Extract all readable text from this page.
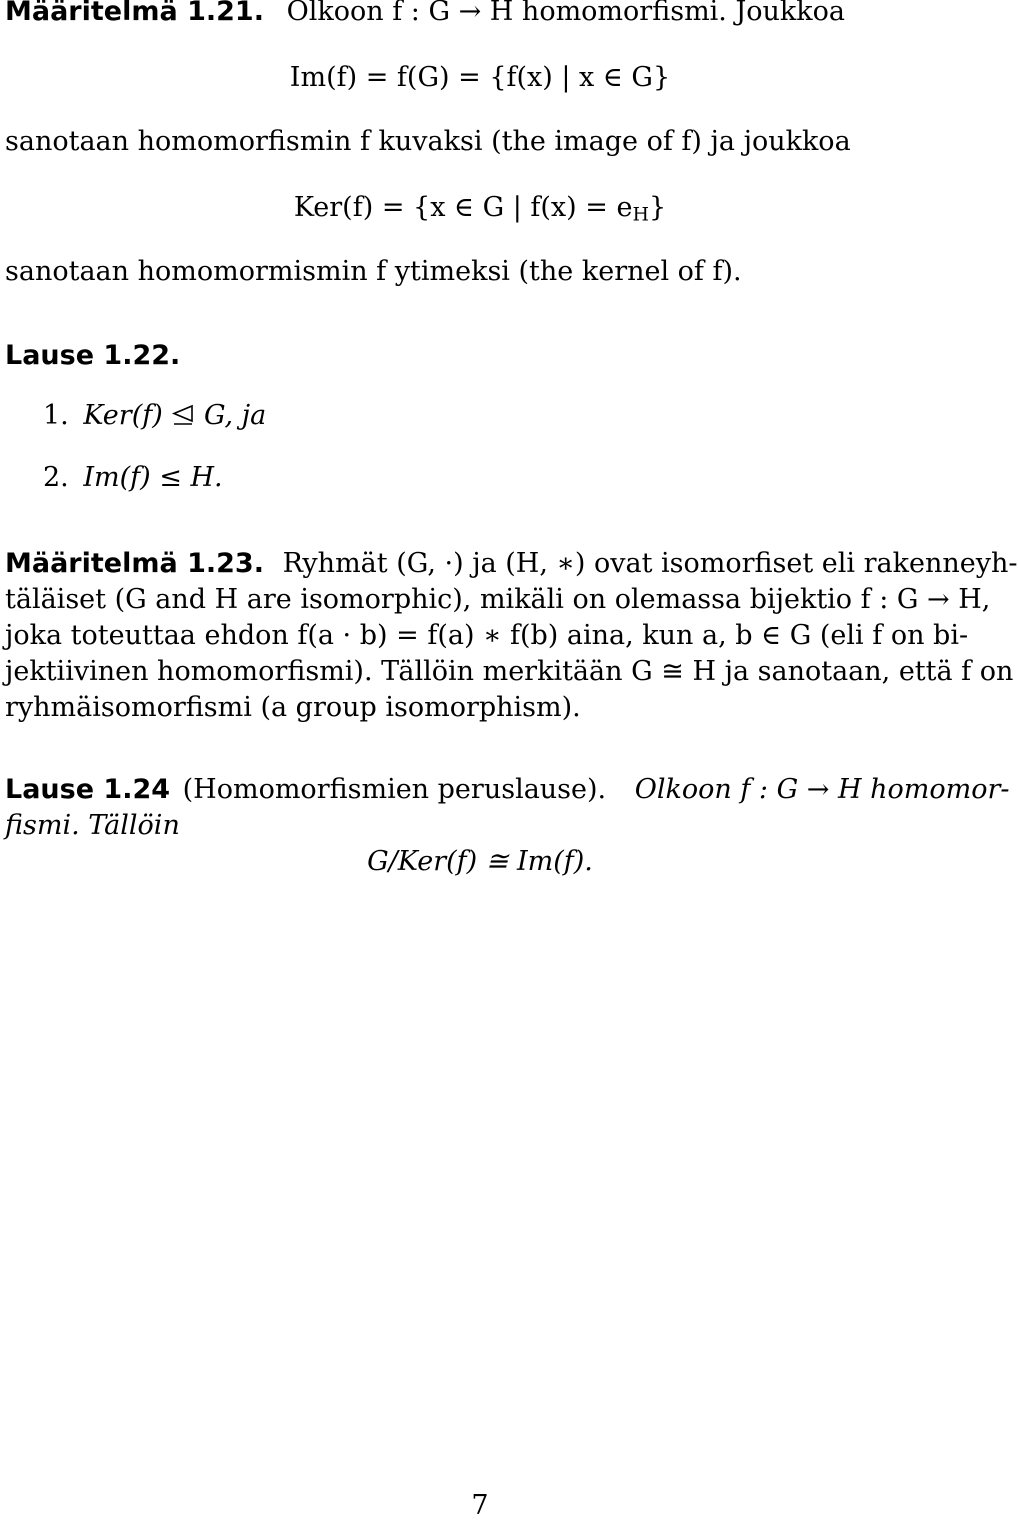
Määritelmä 1.21. Olkoon f : G → H homomorfismi. Joukkoa
Im(f) = f(G) = {f(x) | x ∈ G}
sanotaan homomorfismin f kuvaksi (the image of f) ja joukkoa
Ker(f) = {x ∈ G | $f(x) = e_H$}
sanotaan homomormismin f ytimeksi (the kernel of f).
Lause 1.22.
1. Ker(f) G, ja
2. Im(f) ≤ H.
Määritelmä 1.23. Ryhmät (G, ·) ja (H, ∗) ovat isomorfiset eli rakenneyh-
täläiset (G and H are isomorphic), mikäli on olemassa bijektio f : G → H,
joka toteuttaa ehdon f(a · b) = f(a) ∗ f(b) aina, kun a, b ∈ G (eli f on bi-
jektiivinen homomorfismi). Tällöin merkitään G ≅ H ja sanotaan, että f on
ryhmäisomorfismi (a group isomorphism).
Lause 1.24 (Homomorfismien peruslause). Olkoon f : G → H homomor-
fismi. Tällöin
G/Ker(f) ≅ Im(f).
7
